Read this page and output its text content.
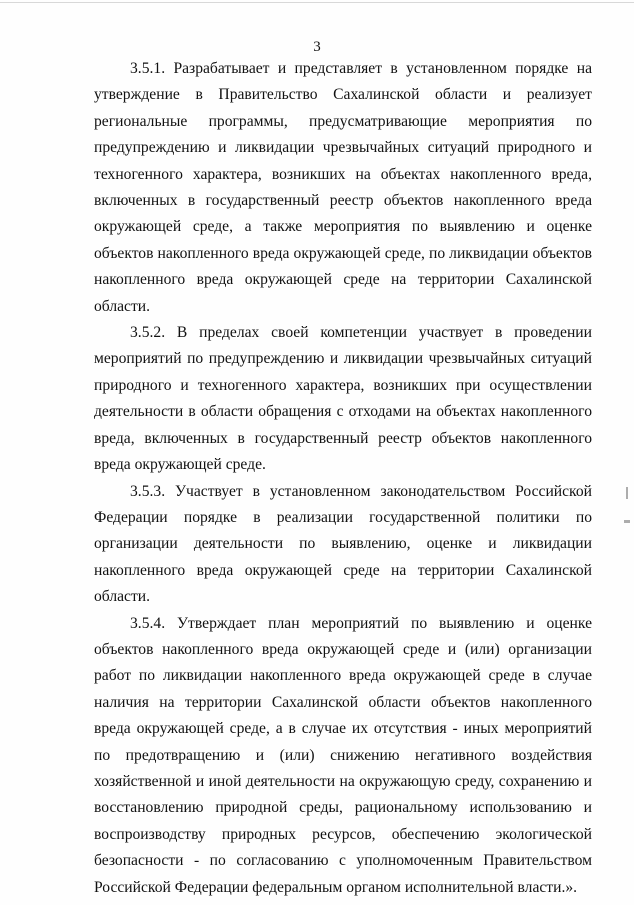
3

3.5.1. Разрабатывает и представляет в установленном порядке на утверждение в Правительство Сахалинской области и реализует региональные программы, предусматривающие мероприятия по предупреждению и ликвидации чрезвычайных ситуаций природного и техногенного характера, возникших на объектах накопленного вреда, включенных в государственный реестр объектов накопленного вреда окружающей среде, а также мероприятия по выявлению и оценке объектов накопленного вреда окружающей среде, по ликвидации объектов накопленного вреда окружающей среде на территории Сахалинской области.

3.5.2. В пределах своей компетенции участвует в проведении мероприятий по предупреждению и ликвидации чрезвычайных ситуаций природного и техногенного характера, возникших при осуществлении деятельности в области обращения с отходами на объектах накопленного вреда, включенных в государственный реестр объектов накопленного вреда окружающей среде.

3.5.3. Участвует в установленном законодательством Российской Федерации порядке в реализации государственной политики по организации деятельности по выявлению, оценке и ликвидации накопленного вреда окружающей среде на территории Сахалинской области.

3.5.4. Утверждает план мероприятий по выявлению и оценке объектов накопленного вреда окружающей среде и (или) организации работ по ликвидации накопленного вреда окружающей среде в случае наличия на территории Сахалинской области объектов накопленного вреда окружающей среде, а в случае их отсутствия - иных мероприятий по предотвращению и (или) снижению негативного воздействия хозяйственной и иной деятельности на окружающую среду, сохранению и восстановлению природной среды, рациональному использованию и воспроизводству природных ресурсов, обеспечению экологической безопасности - по согласованию с уполномоченным Правительством Российской Федерации федеральным органом исполнительной власти.».
